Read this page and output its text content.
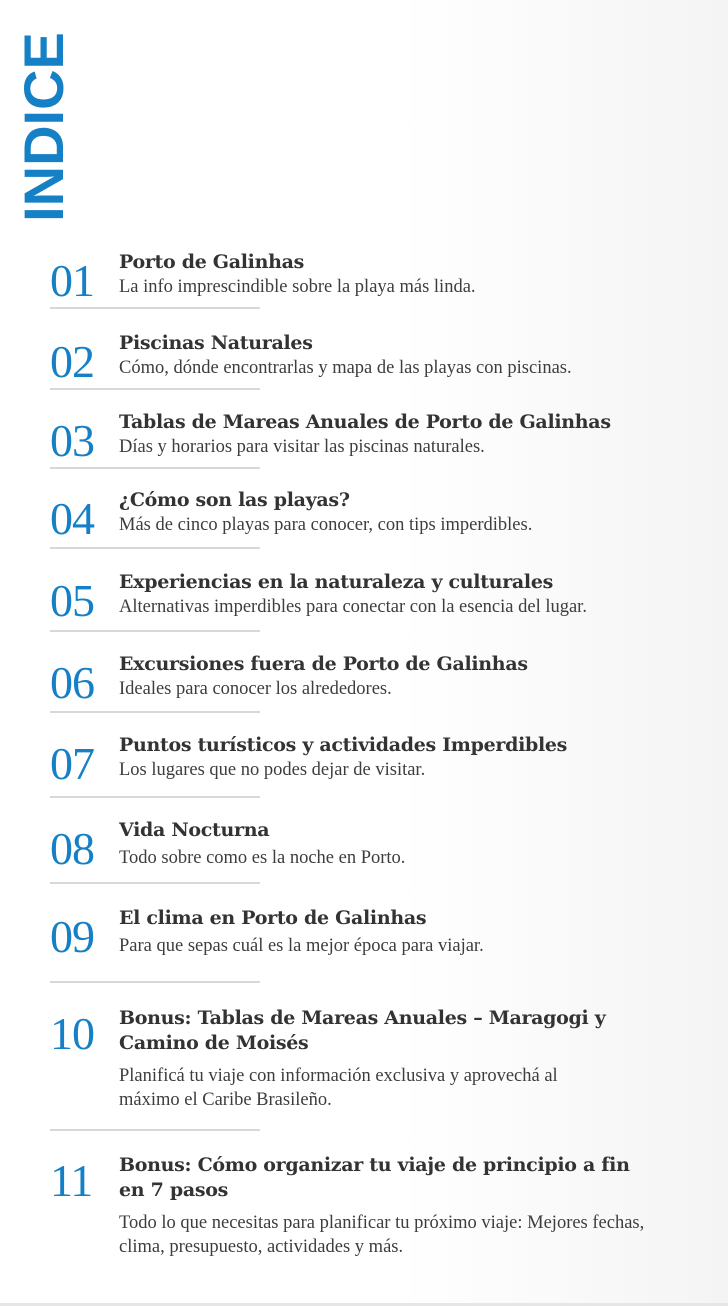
INDICE
01 Porto de Galinhas
La info imprescindible sobre la playa más linda.
02 Piscinas Naturales
Cómo, dónde encontrarlas y mapa de las playas con piscinas.
03 Tablas de Mareas Anuales de Porto de Galinhas
Días y horarios para visitar las piscinas naturales.
04 ¿Cómo son las playas?
Más de cinco playas para conocer, con tips imperdibles.
05 Experiencias en la naturaleza y culturales
Alternativas imperdibles para conectar con la esencia del lugar.
06 Excursiones fuera de Porto de Galinhas
Ideales para conocer los alrededores.
07 Puntos turísticos y actividades Imperdibles
Los lugares que no podes dejar de visitar.
08 Vida Nocturna
Todo sobre como es la noche en Porto.
09 El clima en Porto de Galinhas
Para que sepas cuál es la mejor época para viajar.
10 Bonus: Tablas de Mareas Anuales – Maragogi y Camino de Moisés
Planificá tu viaje con información exclusiva y aprovechá al máximo el Caribe Brasileño.
11 Bonus: Cómo organizar tu viaje de principio a fin en 7 pasos
Todo lo que necesitas para planificar tu próximo viaje: Mejores fechas, clima, presupuesto, actividades y más.
